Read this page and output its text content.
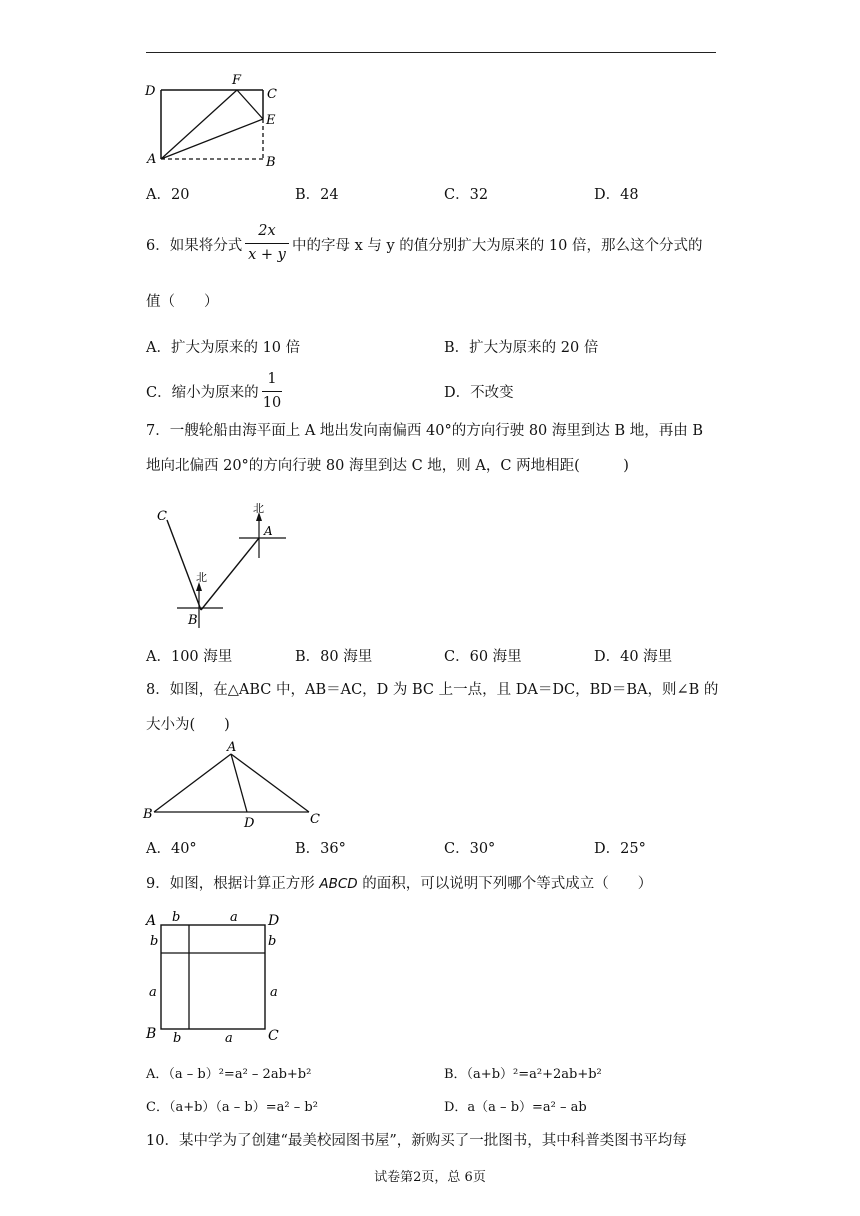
D
F
C
E
A	B
A．20	B．24	C．32	D．48
6．如果将分式
2x
x + y
中的字母 x 与 y 的值分别扩大为原来的 10 倍，那么这个分式的
值（　　）
A．扩大为原来的 10 倍	B．扩大为原来的 20 倍
C．缩小为原来的
1
10
D．不改变
7．一艘轮船由海平面上 A 地出发向南偏西 40°的方向行驶 80 海里到达 B 地，再由 B
地向北偏西 20°的方向行驶 80 海里到达 C 地，则 A，C 两地相距(　　　)
C
北
A
北
B
A．100 海里	B．80 海里	C．60 海里	D．40 海里
8．如图，在△ABC 中，AB＝AC，D 为 BC 上一点，且 DA＝DC，BD＝BA，则∠B 的
大小为(　　)
A
B	C
D
A．40°	B．36°	C．30°	D．25°
9．如图，根据计算正方形 ABCD 的面积，可以说明下列哪个等式成立（　　）
A b	a D
b	b
a	a
B b	a	C
A．（a – b）²=a² – 2ab+b²	B．（a+b）²=a²+2ab+b²
C．（a+b）（a – b）=a² – b²	D．a（a – b）=a² – ab
10．某中学为了创建“最美校园图书屋”，新购买了一批图书，其中科普类图书平均每
试卷第2页，总 6页
